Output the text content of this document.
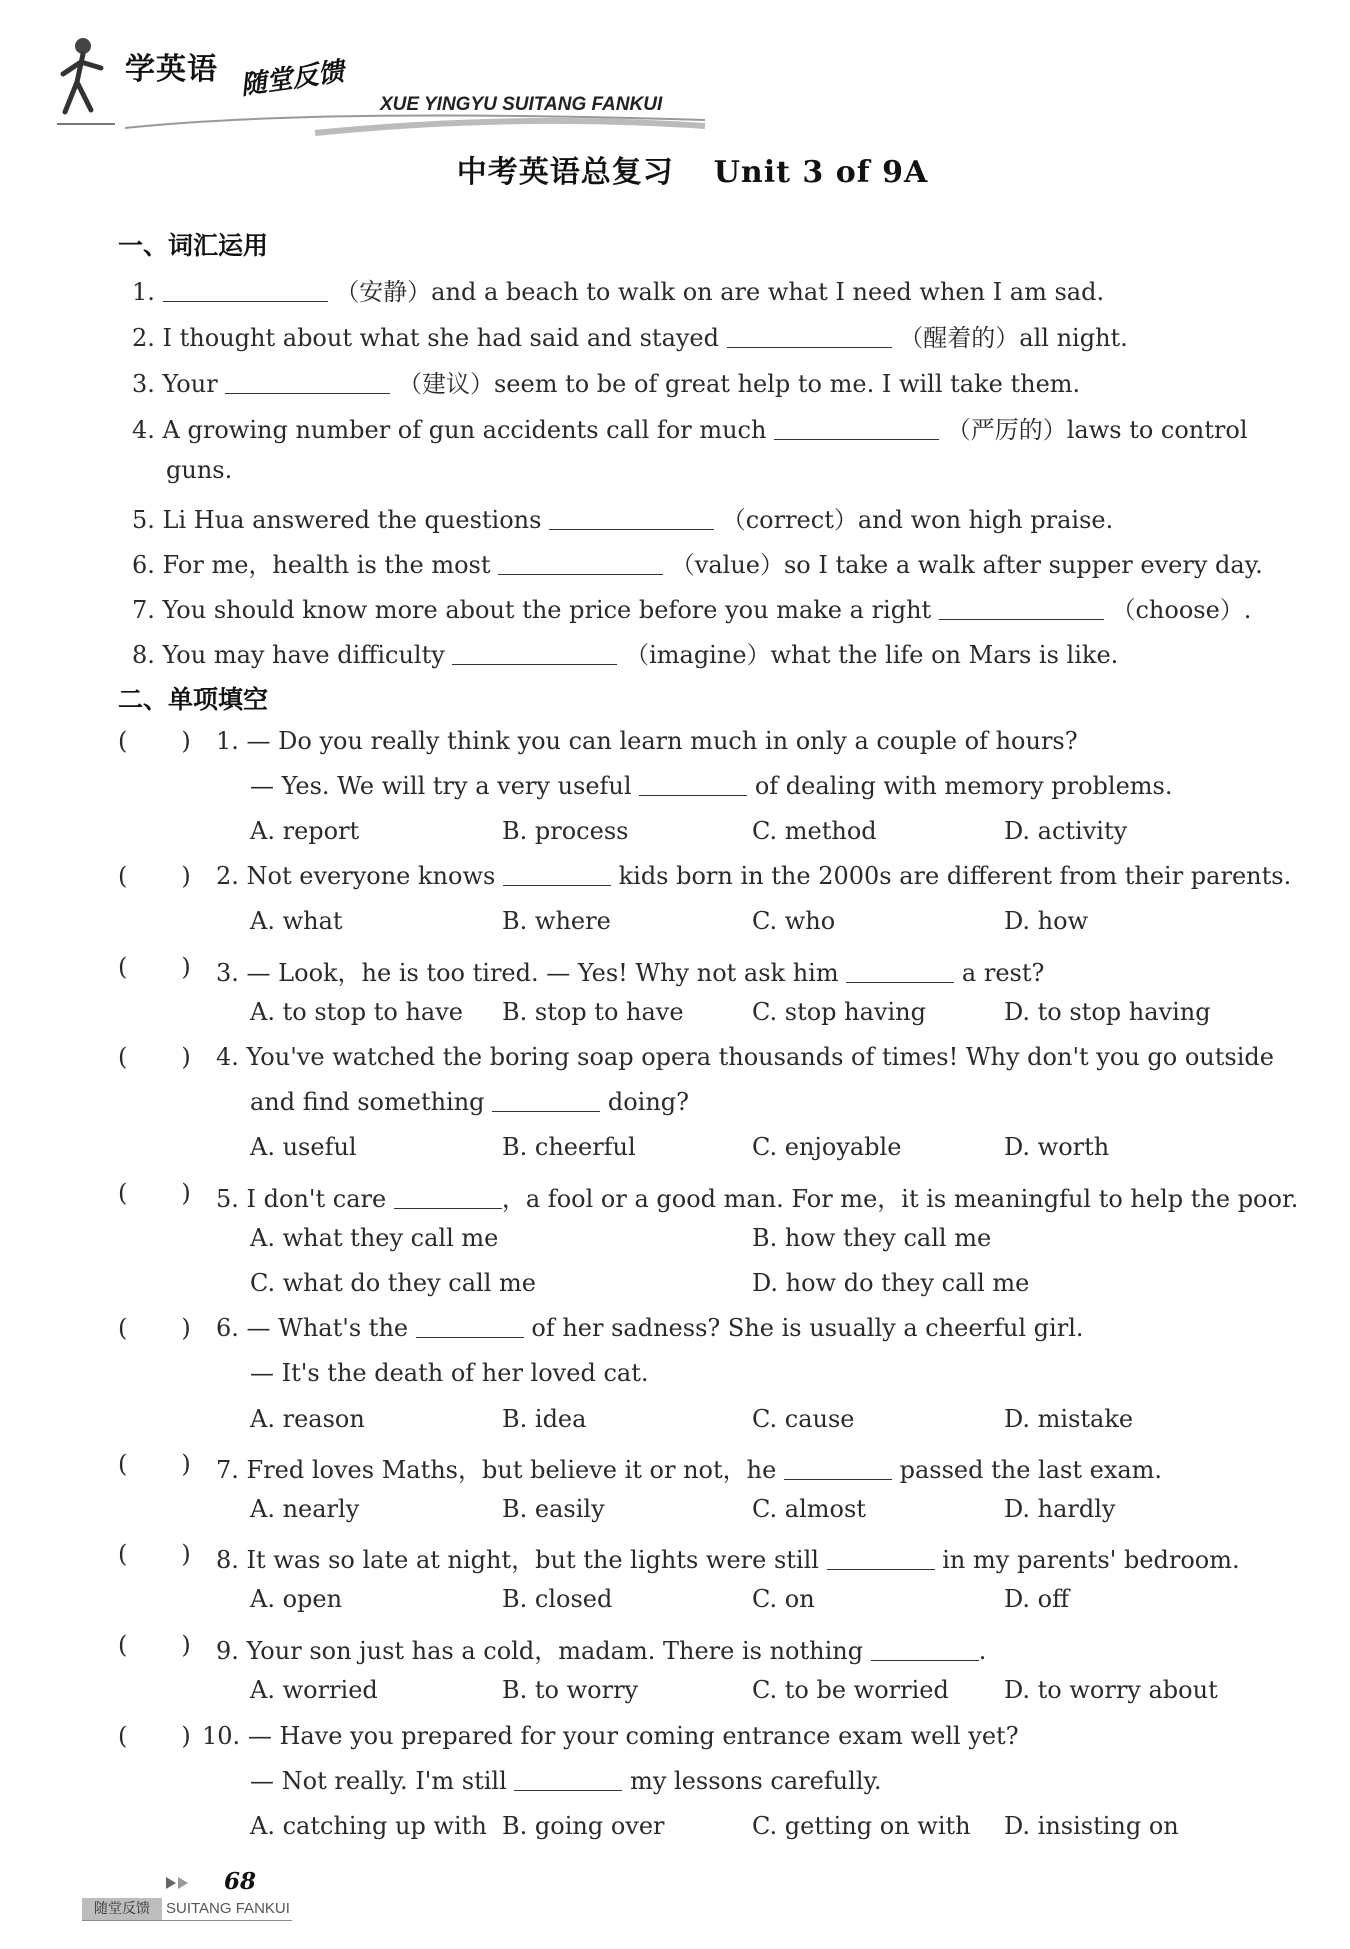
学英语 随堂反馈
XUE YINGYU SUITANG FANKUI
中考英语总复习 Unit 3 of 9A
一、词汇运用
1.	（安静）and a beach to walk on are what I need when I am sad.
2. I thought about what she had said and stayed	（醒着的）all night.
3. Your	（建议）seem to be of great help to me. I will take them.
4. A growing number of gun accidents call for much	（严厉的）laws to control
guns.
5. Li Hua answered the questions	（correct）and won high praise.
6. For me，health is the most	（value）so I take a walk after supper every day.
7. You should know more about the price before you make a right	（choose）.
8. You may have difficulty	（imagine）what the life on Mars is like.
二、单项填空
( ) 1. — Do you really think you can learn much in only a couple of hours?
— Yes. We will try a very useful	of dealing with memory problems.
A. report	B. process	C. method	D. activity
( ) 2. Not everyone knows	kids born in the 2000s are different from their parents.
A. what	B. where	C. who	D. how
( ) 3. — Look，he is too tired. — Yes! Why not ask him	a rest?
A. to stop to have B. stop to have	C. stop having	D. to stop having
( ) 4. You've watched the boring soap opera thousands of times! Why don't you go outside
and find something	doing?
A. useful	B. cheerful	C. enjoyable	D. worth
( ) 5. I don't care	，a fool or a good man. For me，it is meaningful to help the poor.
A. what they call me	B. how they call me
C. what do they call me	D. how do they call me
( ) 6. — What's the	of her sadness? She is usually a cheerful girl.
— It's the death of her loved cat.
A. reason	B. idea	C. cause	D. mistake
( ) 7. Fred loves Maths，but believe it or not，he	passed the last exam.
A. nearly	B. easily	C. almost	D. hardly
( ) 8. It was so late at night，but the lights were still	in my parents' bedroom.
A. open	B. closed	C. on	D. off
( ) 9. Your son just has a cold，madam. There is nothing	.
A. worried	B. to worry	C. to be worried D. to worry about
( ) 10. — Have you prepared for your coming entrance exam well yet?
— Not really. I'm still	my lessons carefully.
A. catching up with B. going over	C. getting on with D. insisting on
68
随堂反馈	SUITANG FANKUI
